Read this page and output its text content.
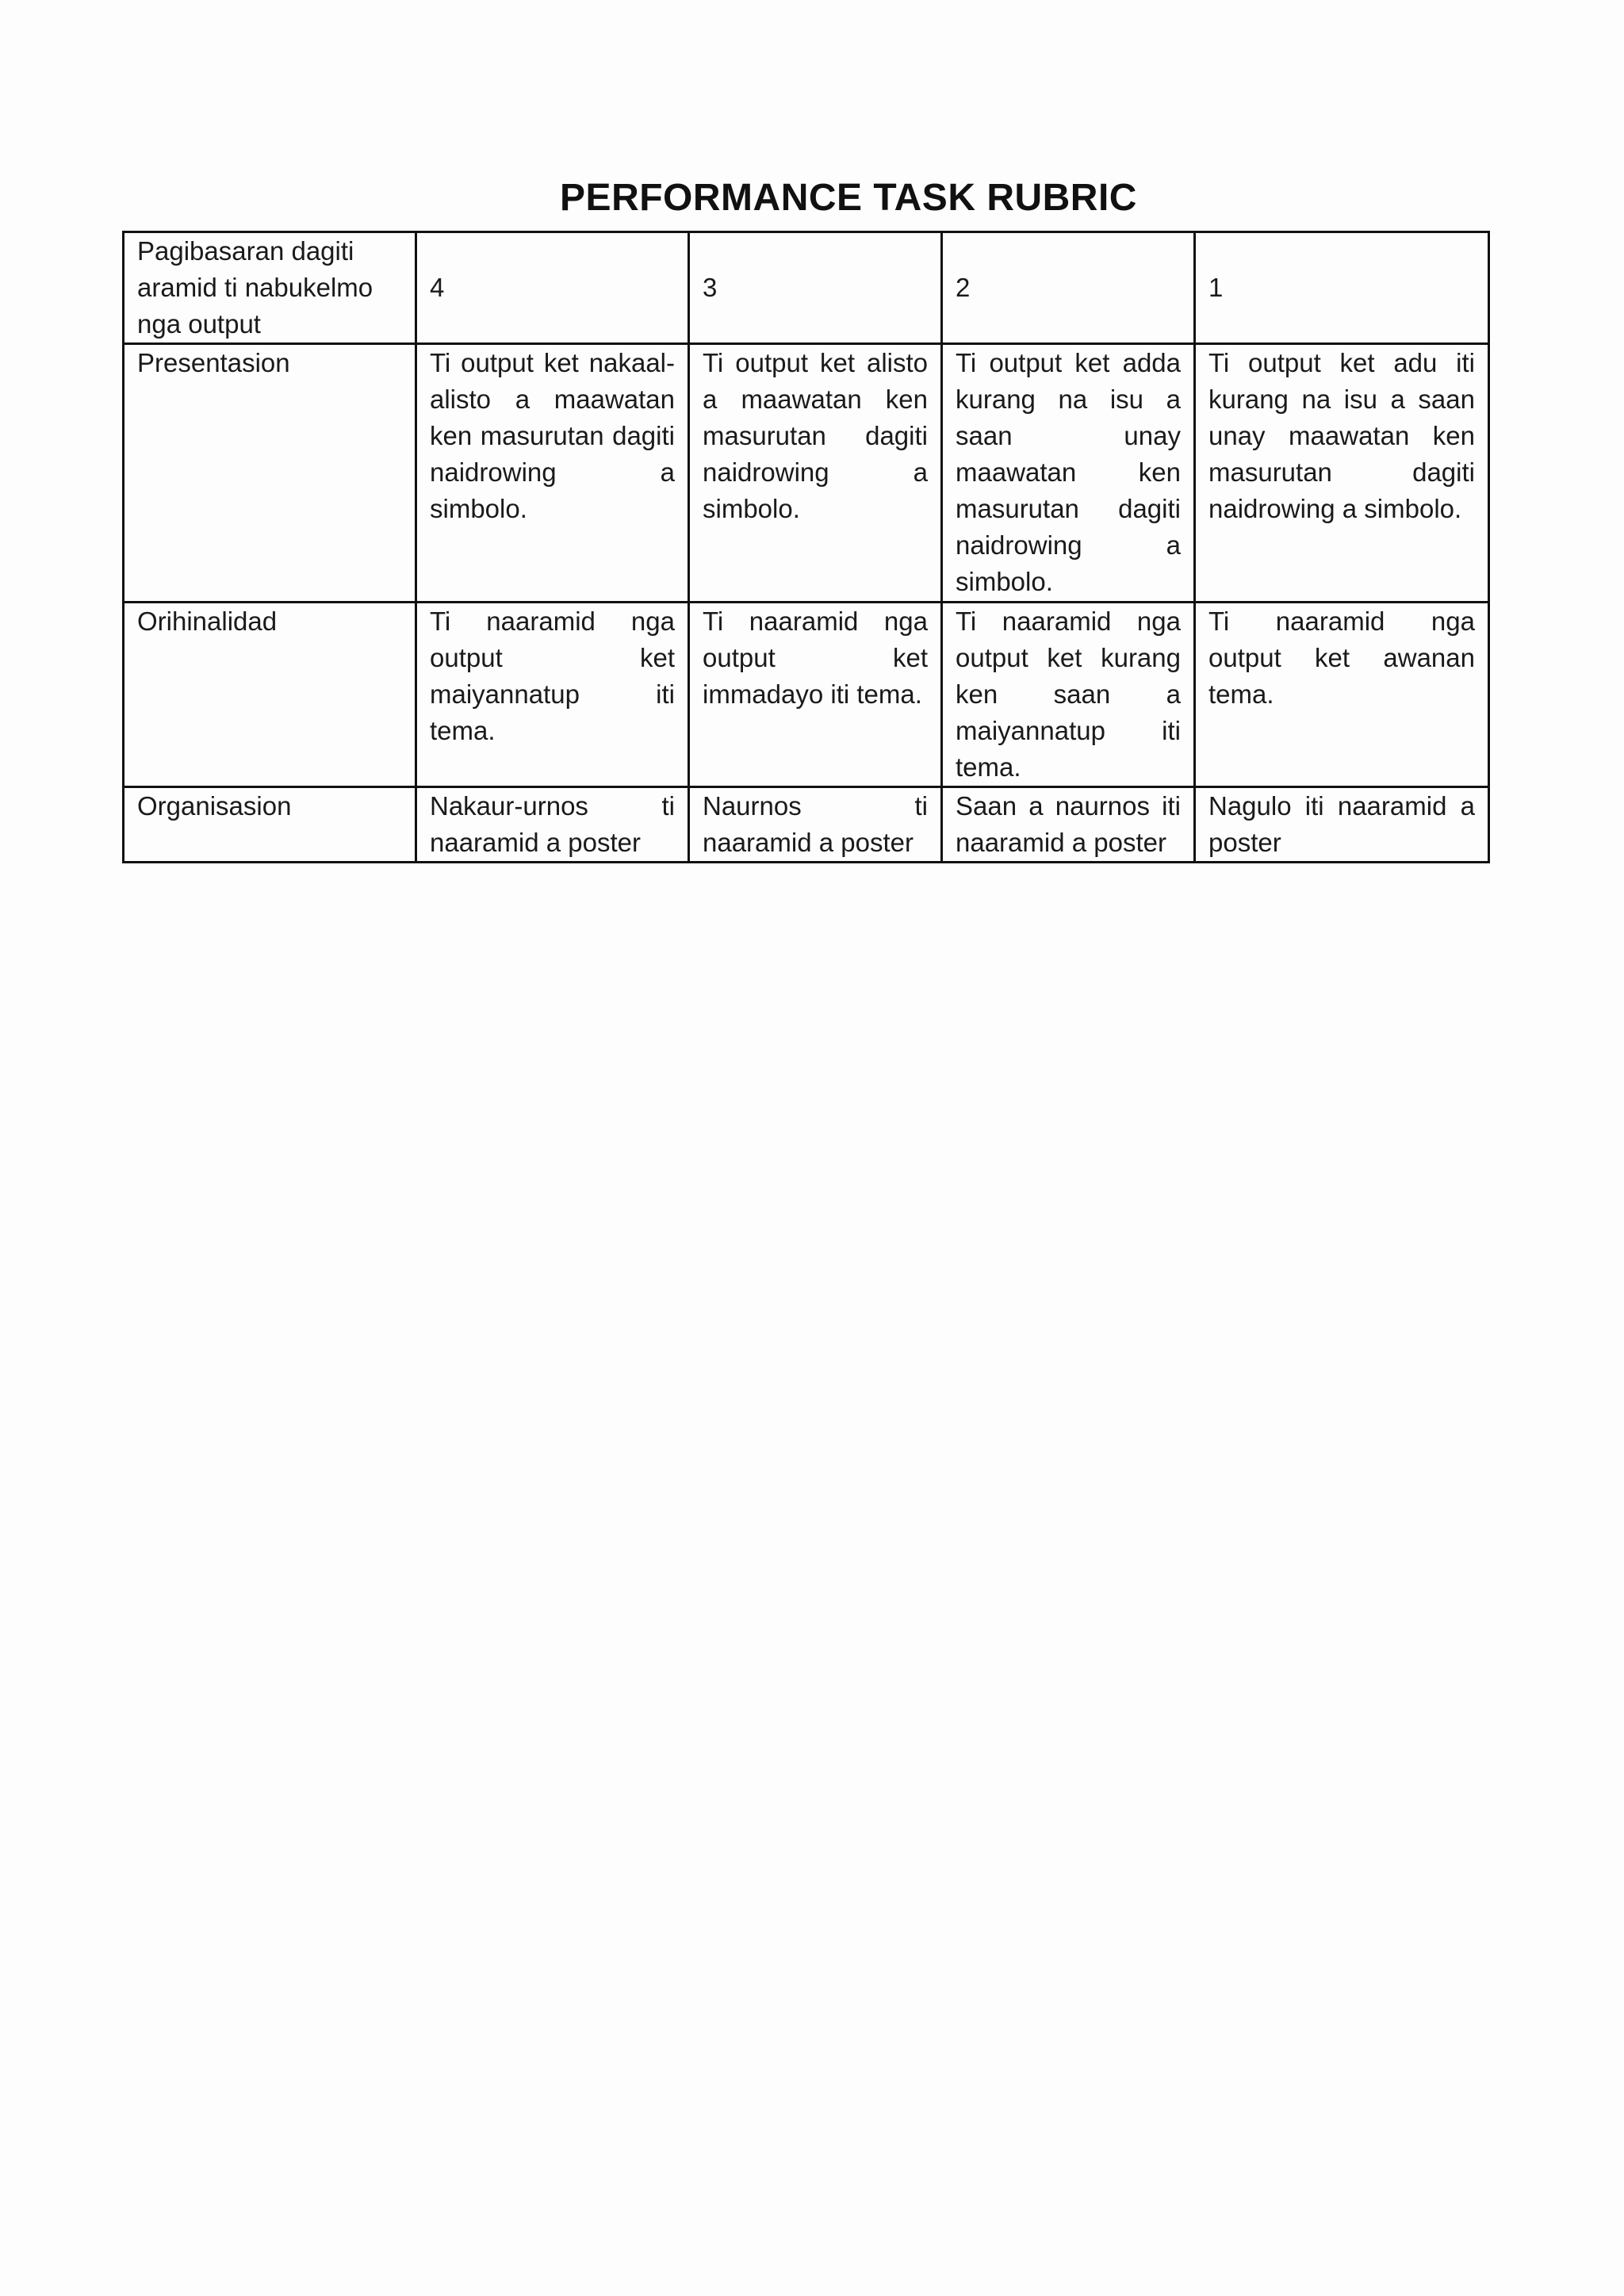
PERFORMANCE TASK RUBRIC
Pagibasaran dagiti aramid ti nabukelmo nga output	4	3	2	1
Presentasion	Ti output ket nakaal-alisto a maawatan ken masurutan dagiti naidrowing a simbolo.	Ti output ket alisto a maawatan ken masurutan dagiti naidrowing a simbolo.	Ti output ket adda kurang na isu a saan unay maawatan ken masurutan dagiti naidrowing a simbolo.	Ti output ket adu iti kurang na isu a saan unay maawatan ken masurutan dagiti naidrowing a simbolo.
Orihinalidad	Ti naaramid nga output ket maiyannatup iti tema.	Ti naaramid nga output ket immadayo iti tema.	Ti naaramid nga output ket kurang ken saan a maiyannatup iti tema.	Ti naaramid nga output ket awanan tema.
Organisasion	Nakaur-urnos ti naaramid a poster	Naurnos ti naaramid a poster	Saan a naurnos iti naaramid a poster	Nagulo iti naaramid a poster
